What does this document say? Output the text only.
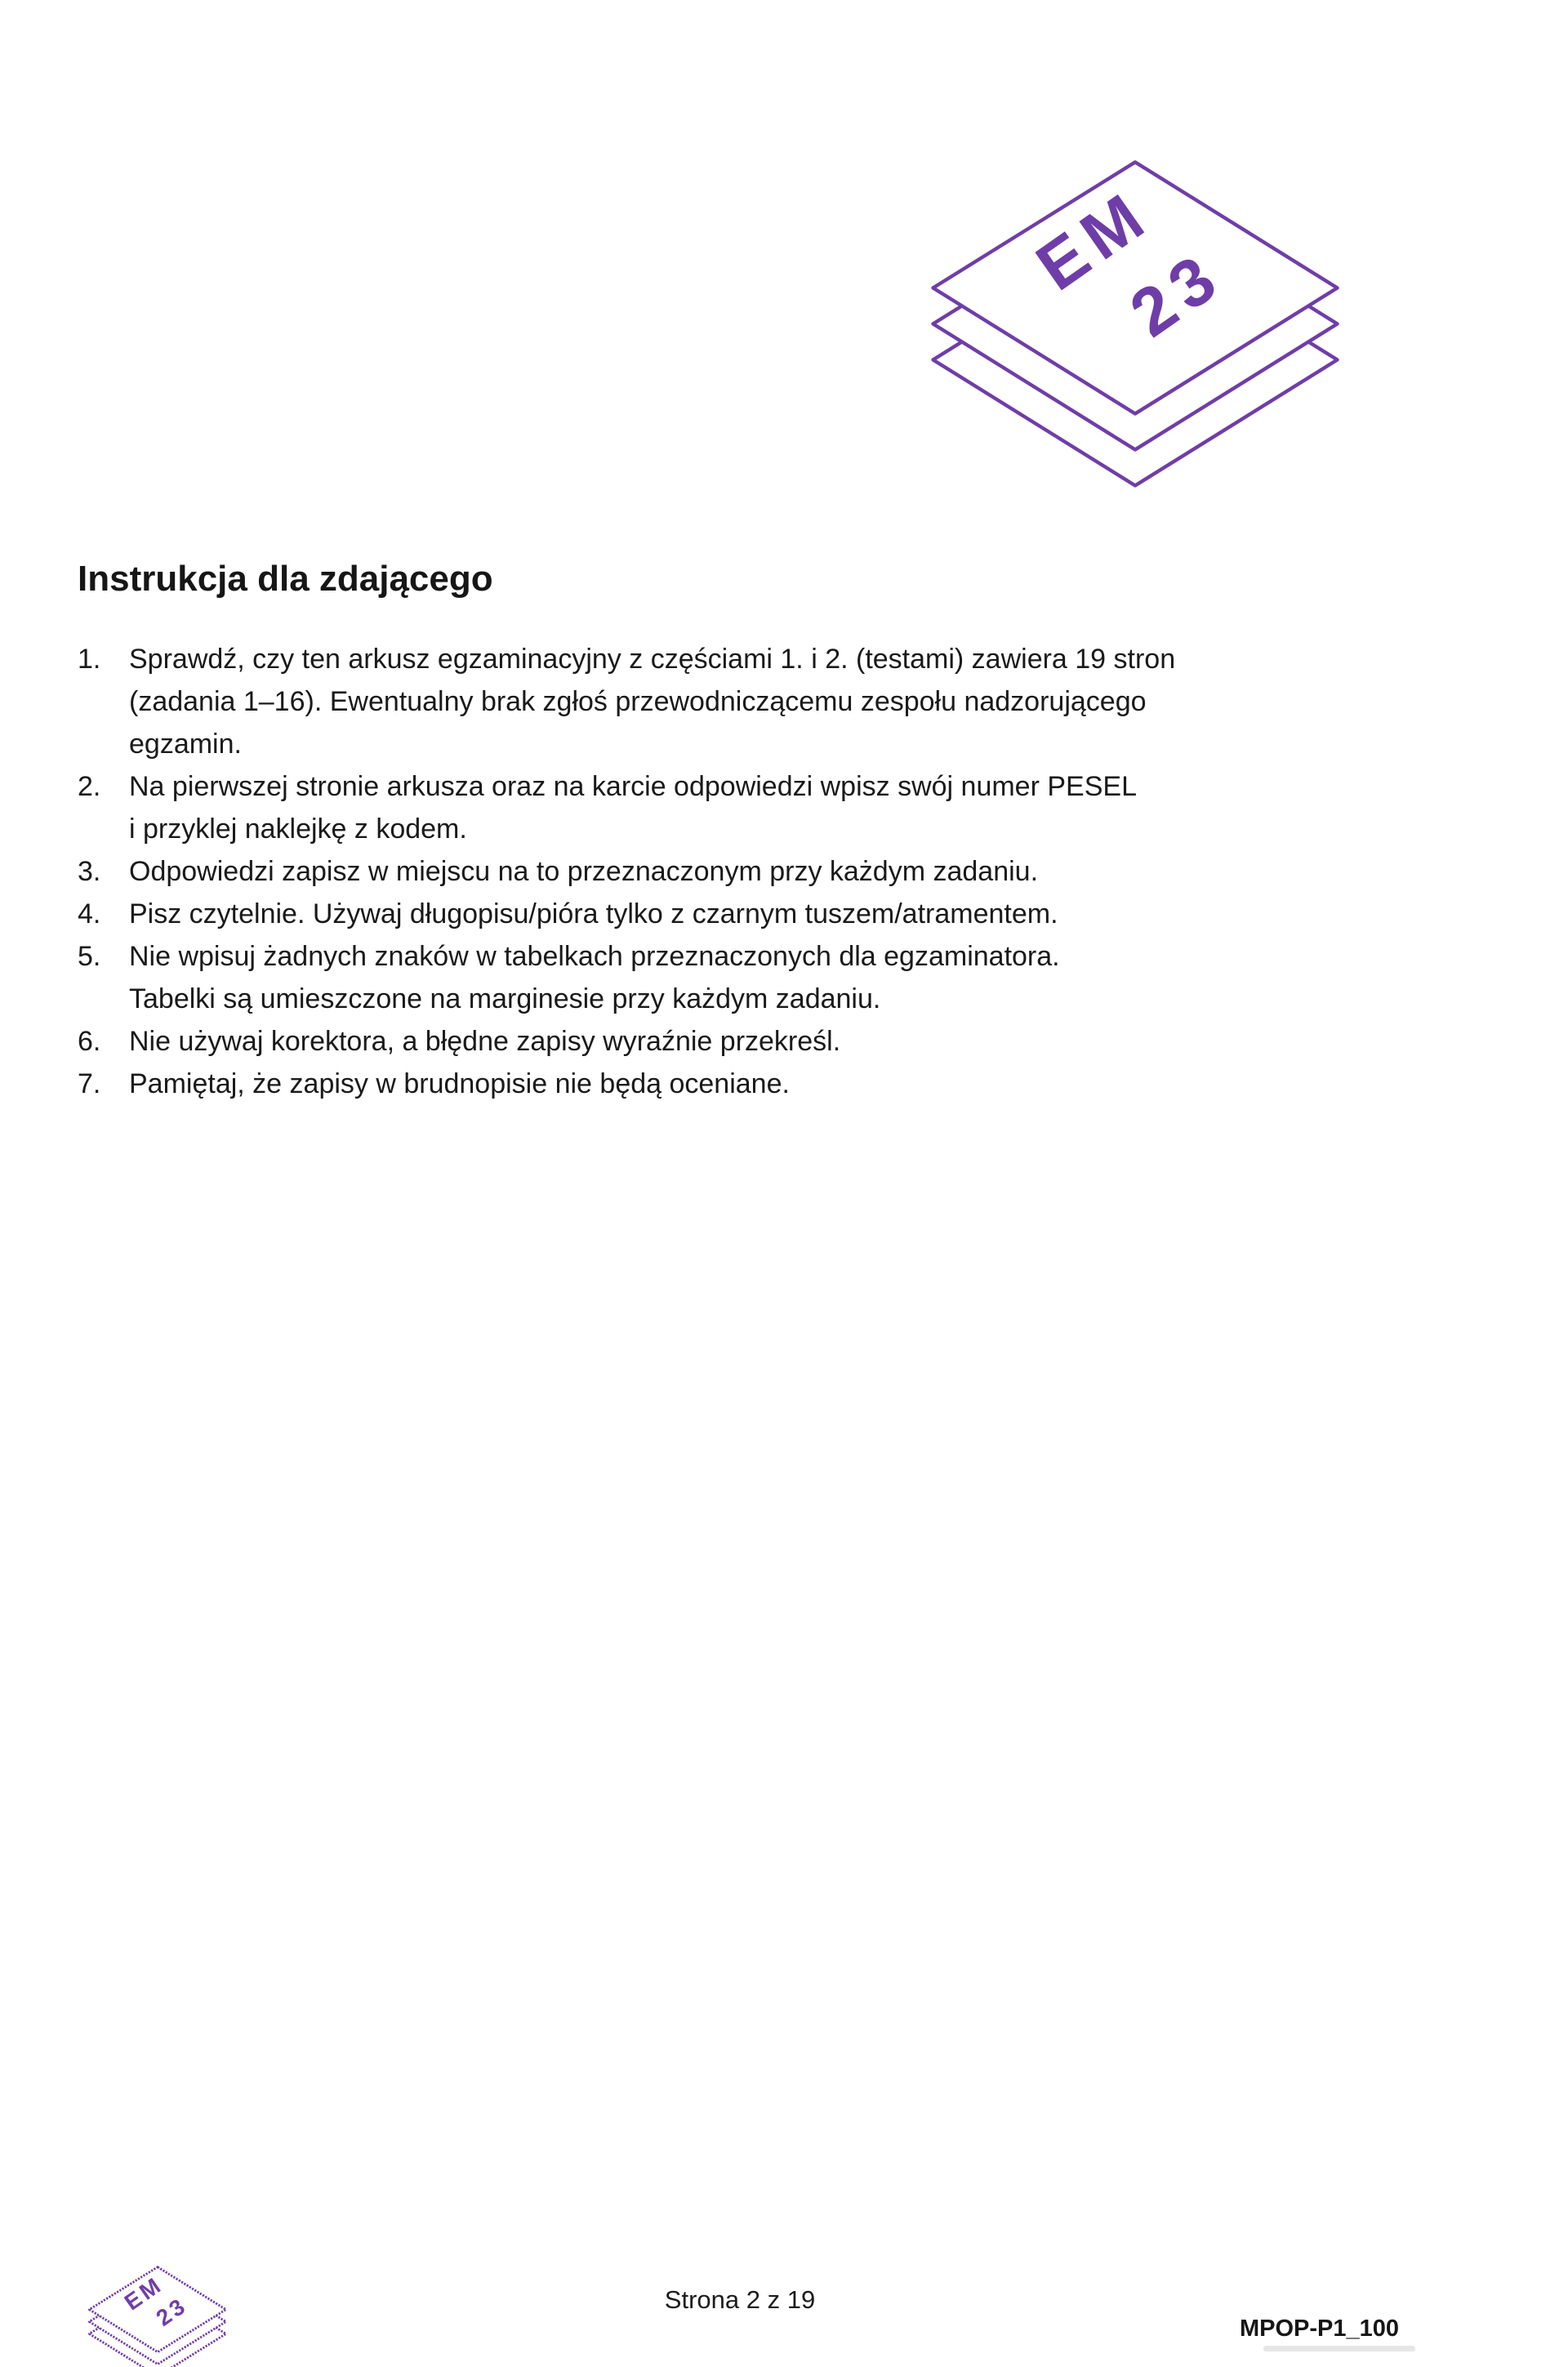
EM
23
Instrukcja dla zdającego
1.	Sprawdź, czy ten arkusz egzaminacyjny z częściami 1. i 2. (testami) zawiera 19 stron
(zadania 1–16). Ewentualny brak zgłoś przewodniczącemu zespołu nadzorującego
egzamin.
2.	Na pierwszej stronie arkusza oraz na karcie odpowiedzi wpisz swój numer PESEL
i przyklej naklejkę z kodem.
3.	Odpowiedzi zapisz w miejscu na to przeznaczonym przy każdym zadaniu.
4.	Pisz czytelnie. Używaj długopisu/pióra tylko z czarnym tuszem/atramentem.
5.	Nie wpisuj żadnych znaków w tabelkach przeznaczonych dla egzaminatora.
Tabelki są umieszczone na marginesie przy każdym zadaniu.
6.	Nie używaj korektora, a błędne zapisy wyraźnie przekreśl.
7.	Pamiętaj, że zapisy w brudnopisie nie będą oceniane.
Strona 2 z 19
MPOP-P1_100
EM
23
